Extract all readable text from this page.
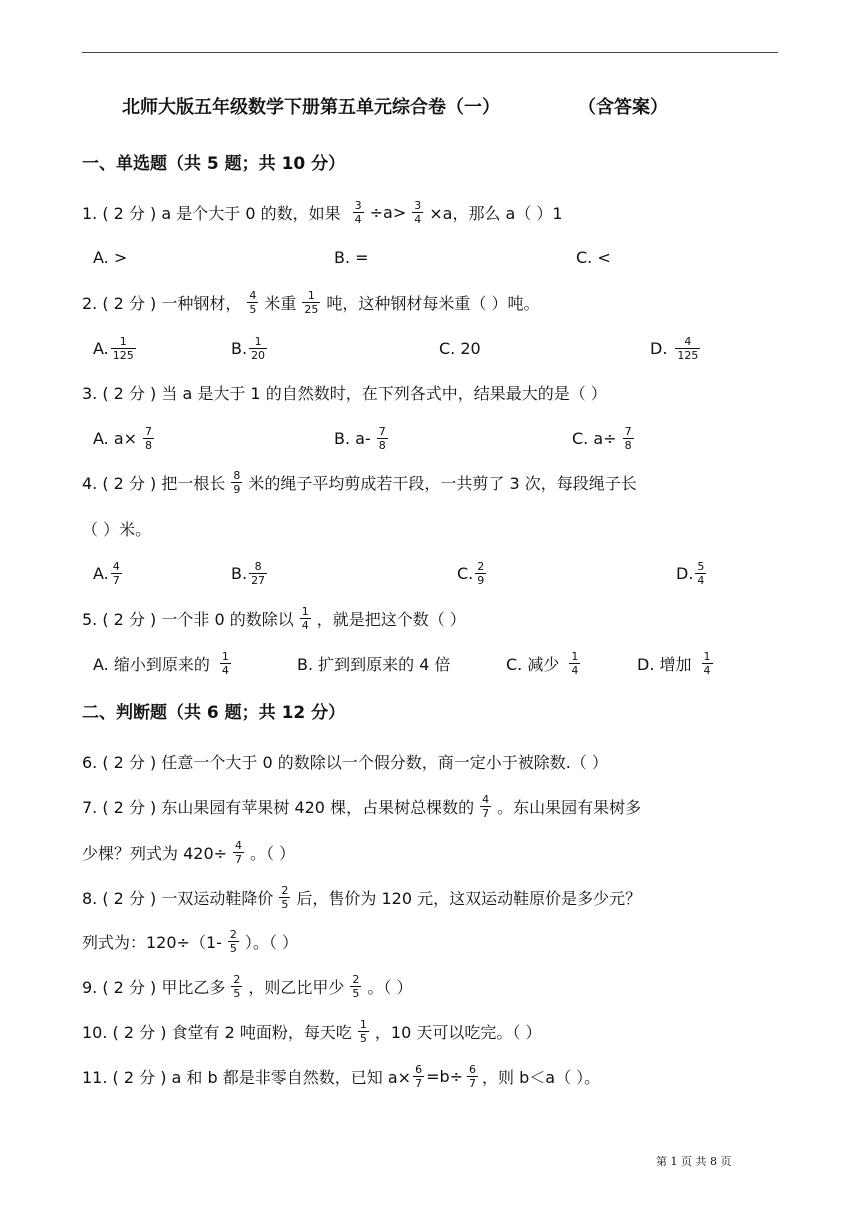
北师大版五年级数学下册第五单元综合卷（一）	（含答案）
一、单选题（共 5 题；共 10 分）
1. ( 2 分 ) a 是个大于 0 的数，如果 $\frac{3}{4} \div a> \frac{3}{4} \times a$，那么 a（ ）1
A. >	B. =	C. <
2. ( 2 分 ) 一种钢材， $\frac{4}{5}$ 米重 $\frac{1}{25}$ 吨，这种钢材每米重（ ）吨。
A. $\frac{1}{125}$	B. $\frac{1}{20}$	C. 20	D. $\frac{4}{125}$
3. ( 2 分 ) 当 a 是大于 1 的自然数时，在下列各式中，结果最大的是（ ）
A. $a\times \frac{7}{8}$	B. $a- \frac{7}{8}$	C. $a\div \frac{7}{8}$
4. ( 2 分 ) 把一根长 $\frac{8}{9}$ 米的绳子平均剪成若干段，一共剪了 3 次，每段绳子长
（ ）米。
A. $\frac{4}{7}$	B. $\frac{8}{27}$	C. $\frac{2}{9}$	D. $\frac{5}{4}$
5. ( 2 分 ) 一个非 0 的数除以 $\frac{1}{4}$ ，就是把这个数（ ）
A. 缩小到原来的 $\frac{1}{4}$	B. 扩到到原来的 4 倍	C. 减少 $\frac{1}{4}$	D. 增加 $\frac{1}{4}$
二、判断题（共 6 题；共 12 分）
6. ( 2 分 ) 任意一个大于 0 的数除以一个假分数，商一定小于被除数.（ ）
7. ( 2 分 ) 东山果园有苹果树 420 棵，占果树总棵数的 $\frac{4}{7}$ 。东山果园有果树多
少棵？列式为 $420\div \frac{4}{7}$ 。（ ）
8. ( 2 分 ) 一双运动鞋降价 $\frac{2}{5}$ 后，售价为 120 元，这双运动鞋原价是多少元？
列式为：$120\div(1- \frac{2}{5}$ ）。（ ）
9. ( 2 分 ) 甲比乙多 $\frac{2}{5}$ ，则乙比甲少 $\frac{2}{5}$ 。（ ）
10. ( 2 分 ) 食堂有 2 吨面粉，每天吃 $\frac{1}{5}$ ，10 天可以吃完。（ ）
11. ( 2 分 ) a 和 b 都是非零自然数，已知 $a\times \frac{6}{7} =b\div \frac{6}{7}$ ，则 b＜a（ ）。
第 1 页 共 8 页
